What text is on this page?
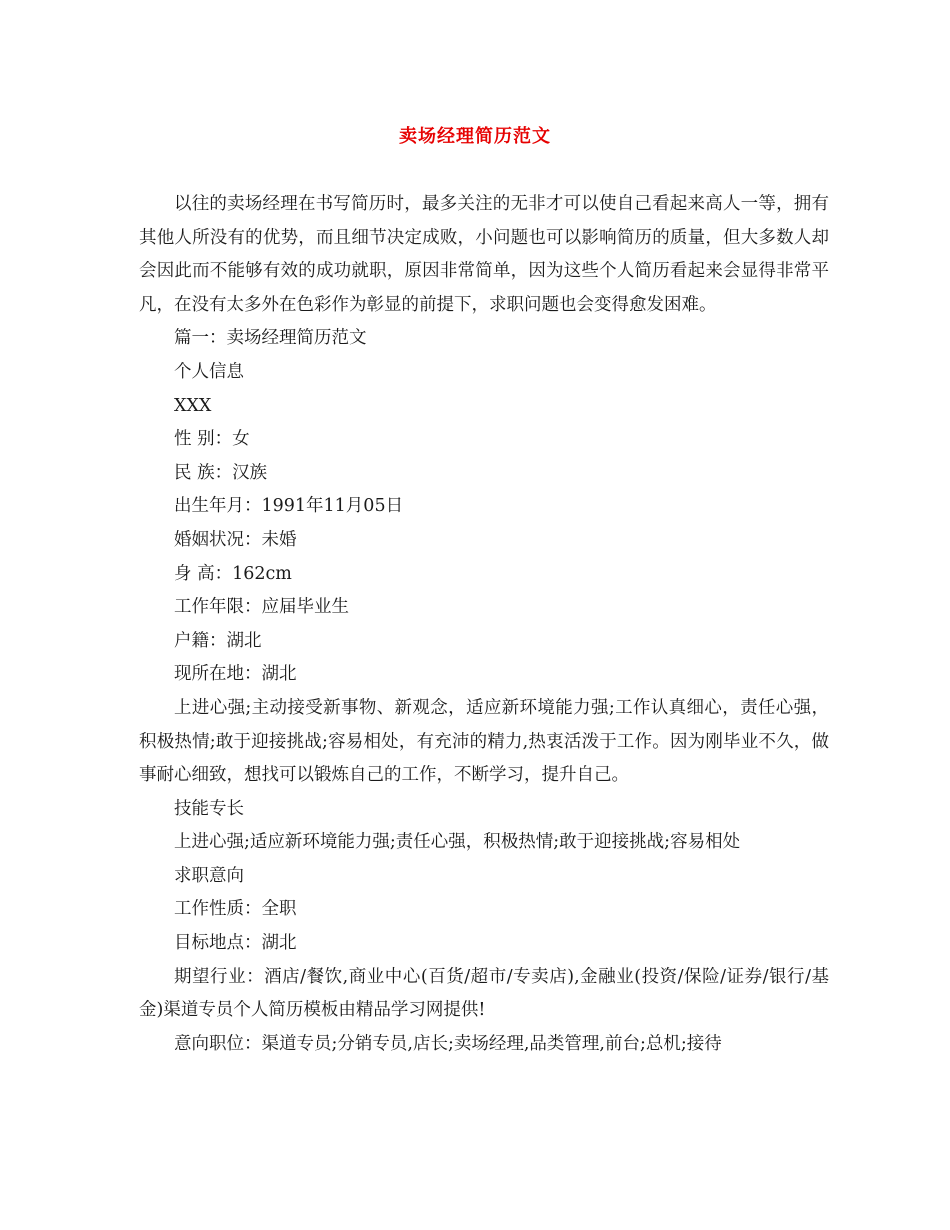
卖场经理简历范文

以往的卖场经理在书写简历时，最多关注的无非才可以使自己看起来高人一等，拥有其他人所没有的优势，而且细节决定成败，小问题也可以影响简历的质量，但大多数人却会因此而不能够有效的成功就职，原因非常简单，因为这些个人简历看起来会显得非常平凡，在没有太多外在色彩作为彰显的前提下，求职问题也会变得愈发困难。

篇一：卖场经理简历范文

个人信息

XXX

性 别：女

民 族：汉族

出生年月：1991年11月05日

婚姻状况：未婚

身 高：162cm

工作年限：应届毕业生

户籍：湖北

现所在地：湖北

上进心强;主动接受新事物、新观念，适应新环境能力强;工作认真细心，责任心强，积极热情;敢于迎接挑战;容易相处，有充沛的精力,热衷活泼于工作。因为刚毕业不久，做事耐心细致，想找可以锻炼自己的工作，不断学习，提升自己。

技能专长

上进心强;适应新环境能力强;责任心强，积极热情;敢于迎接挑战;容易相处

求职意向

工作性质：全职

目标地点：湖北

期望行业：酒店/餐饮,商业中心(百货/超市/专卖店),金融业(投资/保险/证券/银行/基金)渠道专员个人简历模板由精品学习网提供!

意向职位：渠道专员;分销专员,店长;卖场经理,品类管理,前台;总机;接待
